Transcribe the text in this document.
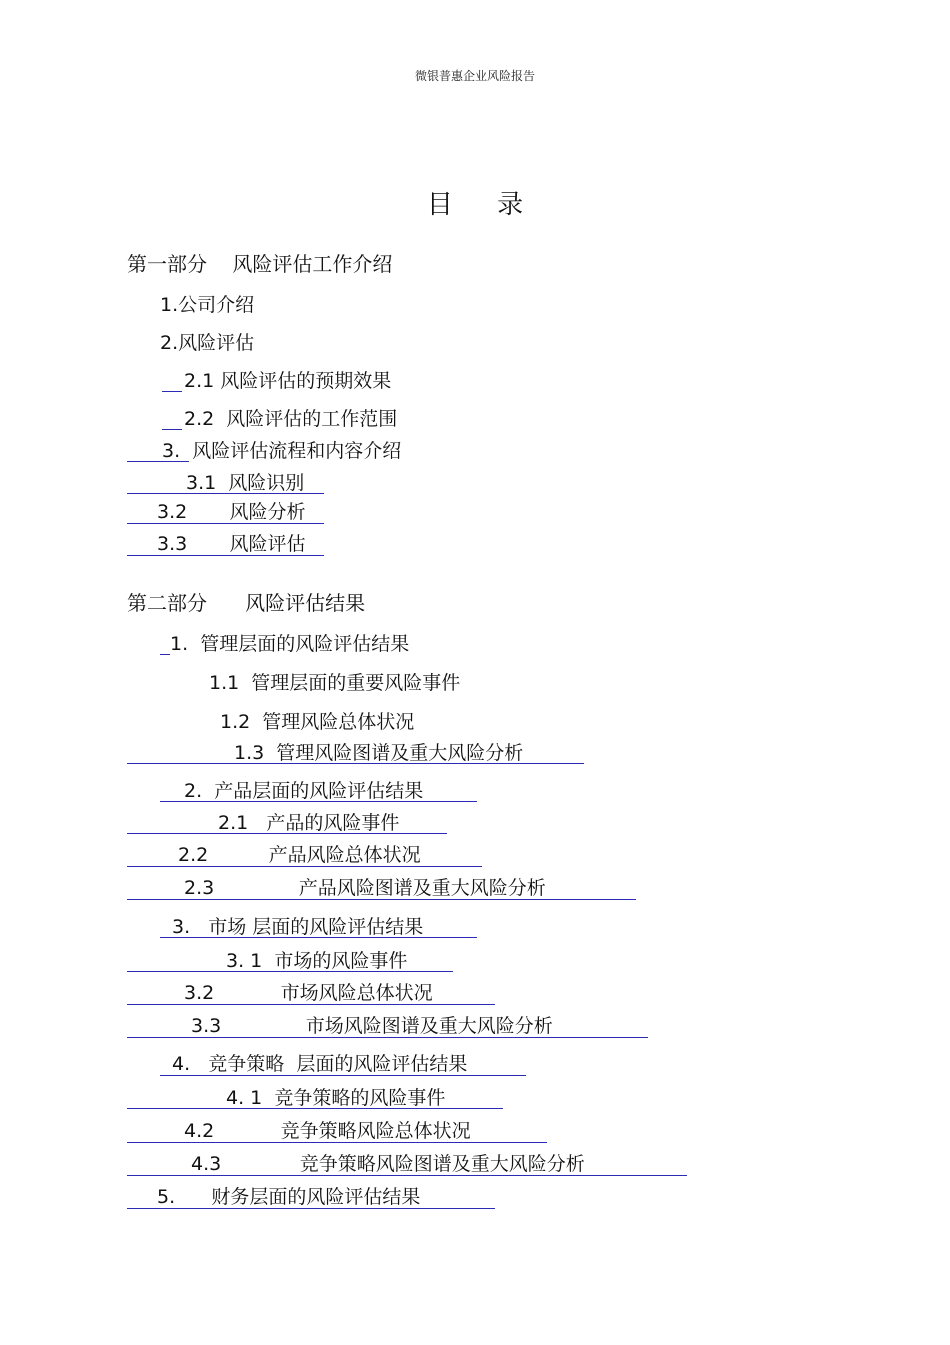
微银普惠企业风险报告
目 录
第一部分    风险评估工作介绍
1.公司介绍
2.风险评估
2.1 风险评估的预期效果
2.2  风险评估的工作范围
3.  风险评估流程和内容介绍
3.1  风险识别
3.2       风险分析
3.3       风险评估
第二部分      风险评估结果
1.  管理层面的风险评估结果
1.1  管理层面的重要风险事件
1.2  管理风险总体状况
1.3  管理风险图谱及重大风险分析
2.  产品层面的风险评估结果
2.1   产品的风险事件
2.2          产品风险总体状况
2.3              产品风险图谱及重大风险分析
3.   市场 层面的风险评估结果
3. 1  市场的风险事件
3.2           市场风险总体状况
3.3              市场风险图谱及重大风险分析
4.   竞争策略  层面的风险评估结果
4. 1  竞争策略的风险事件
4.2           竞争策略风险总体状况
4.3             竞争策略风险图谱及重大风险分析
5.      财务层面的风险评估结果
